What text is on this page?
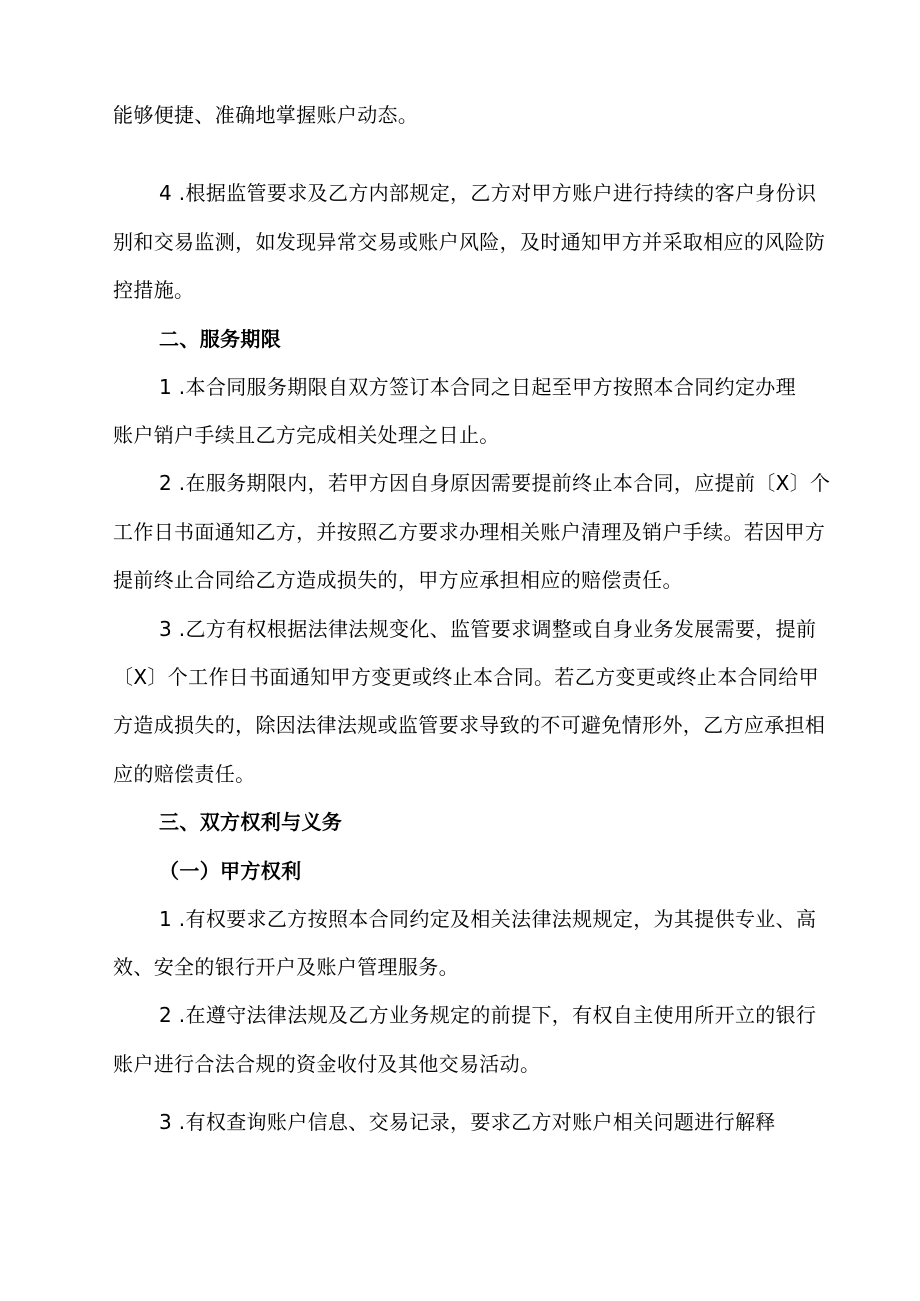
能够便捷、准确地掌握账户动态。
4 .根据监管要求及乙方内部规定，乙方对甲方账户进行持续的客户身份识
别和交易监测，如发现异常交易或账户风险，及时通知甲方并采取相应的风险防
控措施。
二、服务期限
1 .本合同服务期限自双方签订本合同之日起至甲方按照本合同约定办理
账户销户手续且乙方完成相关处理之日止。
2 .在服务期限内，若甲方因自身原因需要提前终止本合同，应提前〔X〕个
工作日书面通知乙方，并按照乙方要求办理相关账户清理及销户手续。若因甲方
提前终止合同给乙方造成损失的，甲方应承担相应的赔偿责任。
3 .乙方有权根据法律法规变化、监管要求调整或自身业务发展需要，提前
〔X〕个工作日书面通知甲方变更或终止本合同。若乙方变更或终止本合同给甲
方造成损失的，除因法律法规或监管要求导致的不可避免情形外，乙方应承担相
应的赔偿责任。
三、双方权利与义务
（一）甲方权利
1 .有权要求乙方按照本合同约定及相关法律法规规定，为其提供专业、高
效、安全的银行开户及账户管理服务。
2 .在遵守法律法规及乙方业务规定的前提下，有权自主使用所开立的银行
账户进行合法合规的资金收付及其他交易活动。
3 .有权查询账户信息、交易记录，要求乙方对账户相关问题进行解释
